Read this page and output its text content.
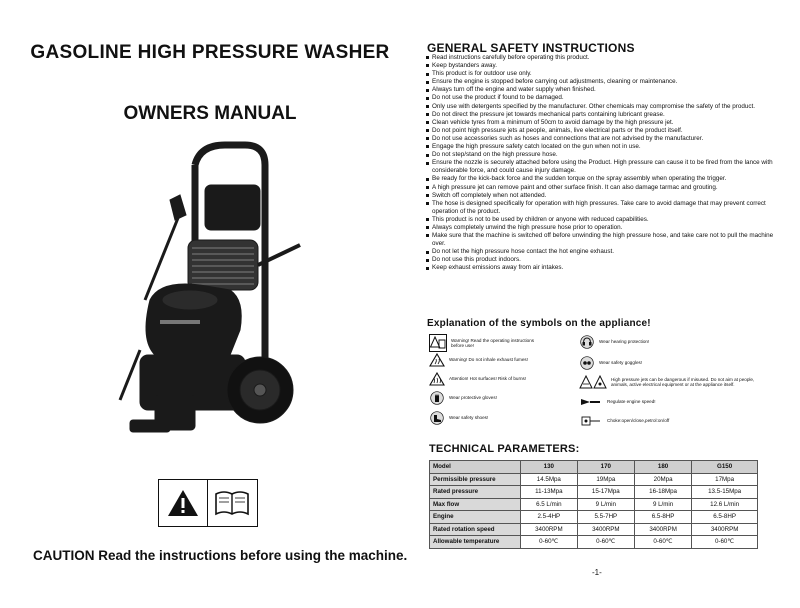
GASOLINE HIGH PRESSURE WASHER
OWNERS MANUAL
CAUTION Read the instructions before using the machine.
GENERAL SAFETY INSTRUCTIONS
Read instructions carefully before operating this product.
Keep bystanders away.
This product is for outdoor use only.
Ensure the engine is stopped before carrying out adjustments, cleaning or maintenance.
Always turn off the engine and water supply when finished.
Do not use the product if found to be damaged.
Only use with detergents specified by the manufacturer. Other chemicals may compromise the safety of the product.
Do not direct the pressure jet towards mechanical parts containing lubricant grease.
Clean vehicle tyres from a minimum of 50cm to avoid damage by the high pressure jet.
Do not point high pressure jets at people, animals, live electrical parts or the product itself.
Do not use accessories such as hoses and connections that are not advised by the manufacturer.
Engage the high pressure safety catch located on the gun when not in use.
Do not step/stand on the high pressure hose.
Ensure the nozzle is securely attached before using the Product. High pressure can cause it to be fired from the lance with considerable force, and could cause injury damage.
Be ready for the kick-back force and the sudden torque on the spray assembly when operating the trigger.
A high pressure jet can remove paint and other surface finish. It can also damage tarmac and grouting.
Switch off completely when not attended.
The hose is designed specifically for operation with high pressures. Take care to avoid damage that may prevent correct operation of the product.
This product is not to be used by children or anyone with reduced capabilities.
Always completely unwind the high pressure hose prior to operation.
Make sure that the machine is switched off before unwinding the high pressure hose, and take care not to pull the machine over.
Do not let the high pressure hose contact the hot engine exhaust.
Do not use this product indoors.
Keep exhaust emissions away from air intakes.
Explanation of the symbols on the appliance!
Warning! Read the operating instructions before use!
Warning! Do not inhale exhaust fumes!
Attention! Hot surfaces! Risk of burns!
Wear protective gloves!
Wear safety shoes!
Wear hearing protection!
Wear safety goggles!
High pressure jets can be dangerous if misused. Do not aim at people, animals, active electrical equipment or at the appliance itself.
Regulate engine speed!
Choke:open/close,petrol:on/off
TECHNICAL PARAMETERS:
Model	130	170	180	G150
Permissible pressure	14.5Mpa	19Mpa	20Mpa	17Mpa
Rated pressure	11-13Mpa	15-17Mpa	16-18Mpa	13.5-15Mpa
Max flow	6.5 L/min	9 L/min	9 L/min	12.6 L/min
Engine	2.5-4HP	5.5-7HP	6.5-8HP	6.5-8HP
Rated rotation speed	3400RPM	3400RPM	3400RPM	3400RPM
Allowable temperature	0-60℃	0-60℃	0-60℃	0-60℃
-1-
